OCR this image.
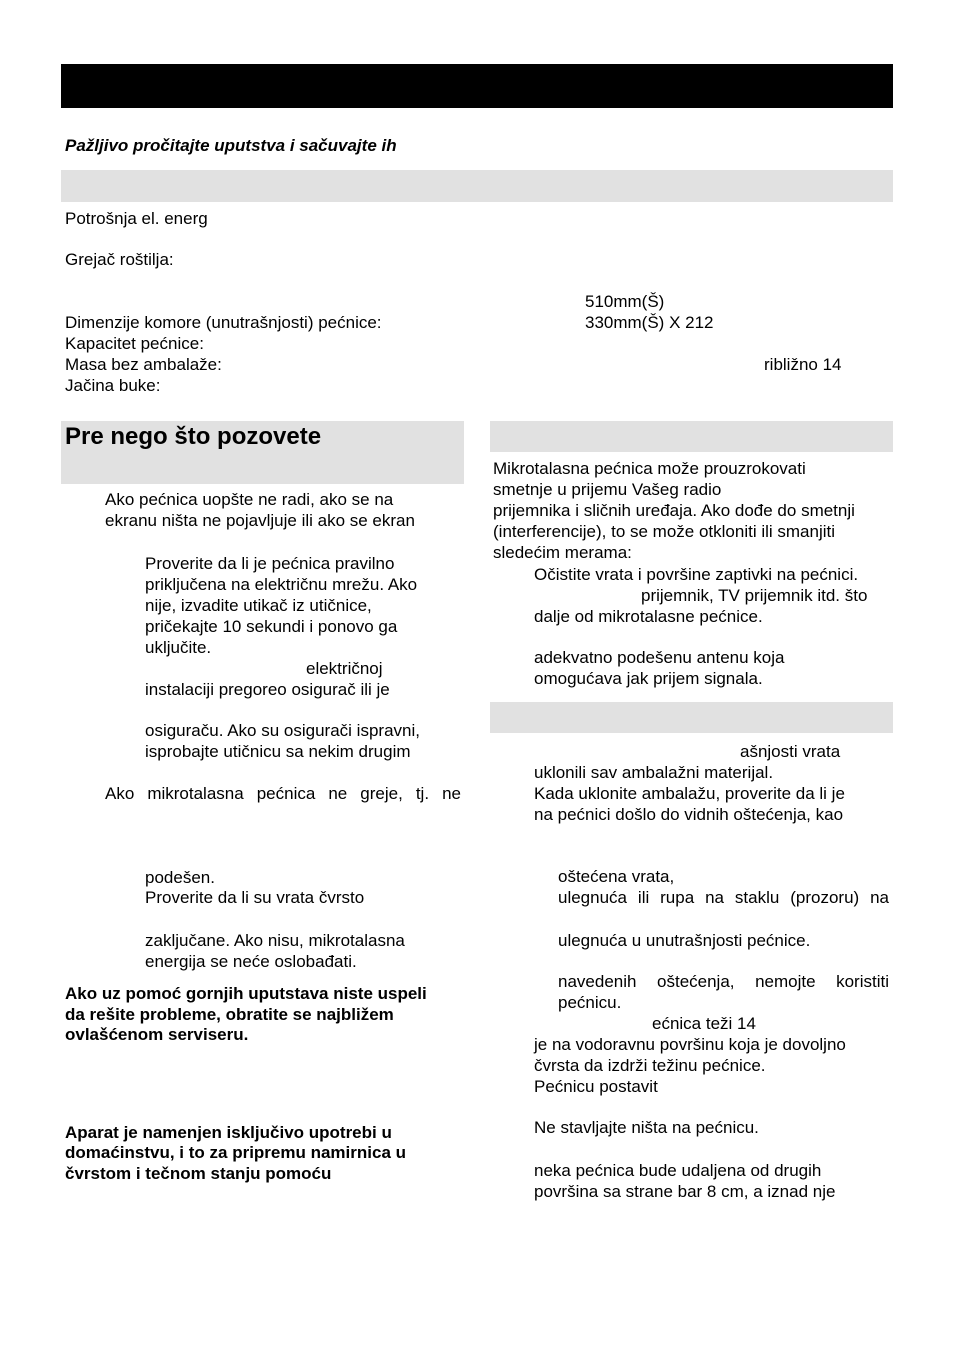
Pažljivo pročitajte uputstva i sačuvajte ih
Potrošnja el. energ
Grejač roštilja:
510mm(Š)
Dimenzije komore (unutrašnjosti) pećnice:	330mm(Š) X 212
Kapacitet pećnice:
Masa bez ambalaže:	ribližno 14
Jačina buke:
Pre nego što pozovete
Ako pećnica uopšte ne radi, ako se na
ekranu ništa ne pojavljuje ili ako se ekran
Proverite da li je pećnica pravilno
priključena na električnu mrežu. Ako
nije, izvadite utikač iz utičnice,
pričekajte 10 sekundi i ponovo ga
uključite.
električnoj
instalaciji pregoreo osigurač ili je
osiguraču. Ako su osigurači ispravni,
isprobajte utičnicu sa nekim drugim
Ako mikrotalasna pećnica ne greje, tj. ne
podešen.
Proverite da li su vrata čvrsto
zaključane. Ako nisu, mikrotalasna
energija se neće oslobađati.
Ako uz pomoć gornjih uputstava niste uspeli
da rešite probleme, obratite se najbližem
ovlašćenom serviseru.
Aparat je namenjen isključivo upotrebi u
domaćinstvu, i to za pripremu namirnica u
čvrstom i tečnom stanju pomoću
Mikrotalasna pećnica može prouzrokovati
smetnje u prijemu Vašeg radio
prijemnika i sličnih uređaja. Ako dođe do smetnji
(interferencije), to se može otkloniti ili smanjiti
sledećim merama:
Očistite vrata i površine zaptivki na pećnici.
prijemnik, TV prijemnik itd. što
dalje od mikrotalasne pećnice.
adekvatno podešenu antenu koja
omogućava jak prijem signala.
ašnjosti vrata
uklonili sav ambalažni materijal.
Kada uklonite ambalažu, proverite da li je
na pećnici došlo do vidnih oštećenja, kao
oštećena vrata,
ulegnuća ili rupa na staklu (prozoru) na
ulegnuća u unutrašnjosti pećnice.
navedenih oštećenja, nemojte koristiti
pećnicu.
ećnica teži 14
je na vodoravnu površinu koja je dovoljno
čvrsta da izdrži težinu pećnice.
Pećnicu postavit
Ne stavljajte ništa na pećnicu.
neka pećnica bude udaljena od drugih
površina sa strane bar 8 cm, a iznad nje
